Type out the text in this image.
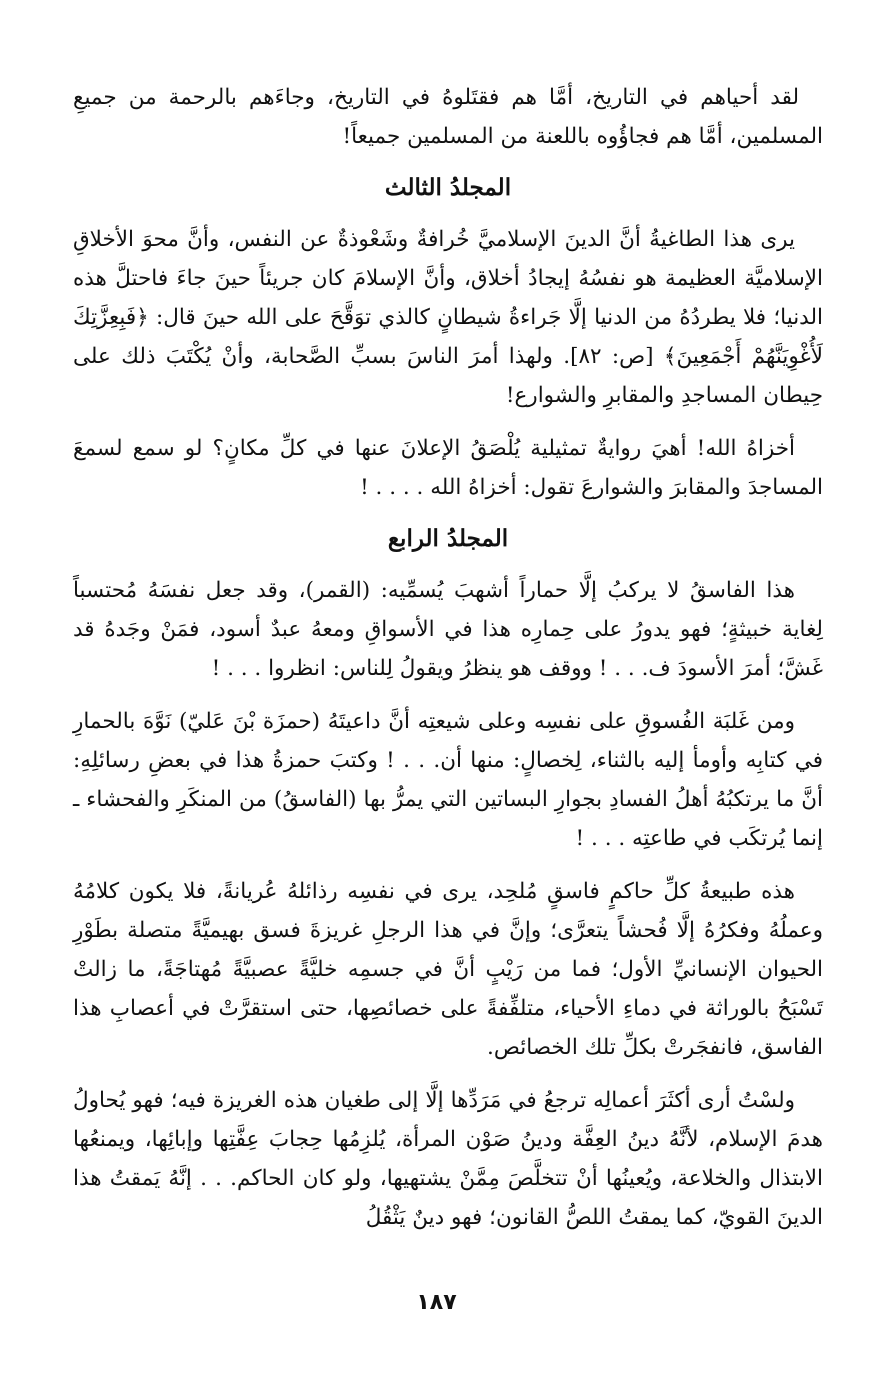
لقد أحياهم في التاريخ، أمَّا هم فقتَلوهُ في التاريخ، وجاءَهم بالرحمة من جميعِ المسلمين، أمَّا هم فجاؤُوه باللعنة من المسلمين جميعاً!

المجلدُ الثالث

يرى هذا الطاغيةُ أنَّ الدينَ الإسلاميَّ خُرافةٌ وشَعْوذةٌ عن النفس، وأنَّ محوَ الأخلاقِ الإسلاميَّة العظيمة هو نفسُهُ إيجادُ أخلاق، وأنَّ الإسلامَ كان جريئاً حينَ جاءَ فاحتلَّ هذه الدنيا؛ فلا يطردُهُ من الدنيا إلَّا جَراءةُ شيطانٍ كالذي توَقَّحَ على الله حينَ قال: ﴿فَبِعِزَّتِكَ لَأُغْوِيَنَّهُمْ أَجْمَعِينَ﴾ [ص: ٨٢]. ولهذا أمرَ الناسَ بسبِّ الصَّحابة، وأنْ يُكْتَبَ ذلك على حِيطان المساجدِ والمقابرِ والشوارع!

أخزاهُ الله! أهيَ روايةٌ تمثيلية يُلْصَقُ الإعلانَ عنها في كلِّ مكانٍ؟ لو سمع لسمعَ المساجدَ والمقابرَ والشوارعَ تقول: أخزاهُ الله . . . . !

المجلدُ الرابع

هذا الفاسقُ لا يركبُ إلَّا حماراً أشهبَ يُسمِّيه: (القمر)، وقد جعل نفسَهُ مُحتسباً لِغاية خبيثةٍ؛ فهو يدورُ على حِمارِه هذا في الأسواقِ ومعهُ عبدٌ أسود، فمَنْ وجَدهُ قد غَشَّ؛ أمرَ الأسودَ ف. . . ! ووقف هو ينظرُ ويقولُ لِلناس: انظروا . . . !

ومن غَلبَة الفُسوقِ على نفسِه وعلى شيعتِه أنَّ داعيتَهُ (حمزَة بْنَ عَليّ) نَوَّهَ بالحمارِ في كتابِه وأومأ إليه بالثناء، لِخصالٍ: منها أن. . . ! وكتبَ حمزةُ هذا في بعضِ رسائلِهِ: أنَّ ما يرتكبُهُ أهلُ الفسادِ بجوارِ البساتين التي يمرُّ بها (الفاسقُ) من المنكَرِ والفحشاء ـ إنما يُرتكَب في طاعتِه . . . !

هذه طبيعةُ كلِّ حاكمٍ فاسقٍ مُلحِد، يرى في نفسِه رذائلهُ عُريانةً، فلا يكون كلامُهُ وعملُهُ وفكرُهُ إلَّا فُحشاً يتعرَّى؛ وإنَّ في هذا الرجلِ غريزةَ فسق بهيميَّةً متصلة بطَوْرِ الحيوان الإنسانيِّ الأول؛ فما من رَيْبٍ أنَّ في جسمِه خليَّةً عصبيَّةً مُهتاجَةً، ما زالتْ تَسْبَحُ بالوراثة في دماءِ الأحياء، متلفِّفةً على خصائصِها، حتى استقرَّتْ في أعصابِ هذا الفاسق، فانفجَرتْ بكلِّ تلك الخصائص.

ولسْتُ أرى أكثَرَ أعمالِه ترجعُ في مَرَدِّها إلَّا إلى طغيان هذه الغريزة فيه؛ فهو يُحاولُ هدمَ الإسلام، لأنَّهُ دينُ العِفَّة ودينُ صَوْن المرأة، يُلزِمُها حِجابَ عِفَّتِها وإبائِها، ويمنعُها الابتذال والخلاعة، ويُعينُها أنْ تتخلَّصَ مِمَّنْ يشتهيها، ولو كان الحاكم. . . إنَّهُ يَمقتُ هذا الدينَ القويّ، كما يمقتُ اللصُّ القانون؛ فهو دينٌ يَثْقُلُ

١٨٧
